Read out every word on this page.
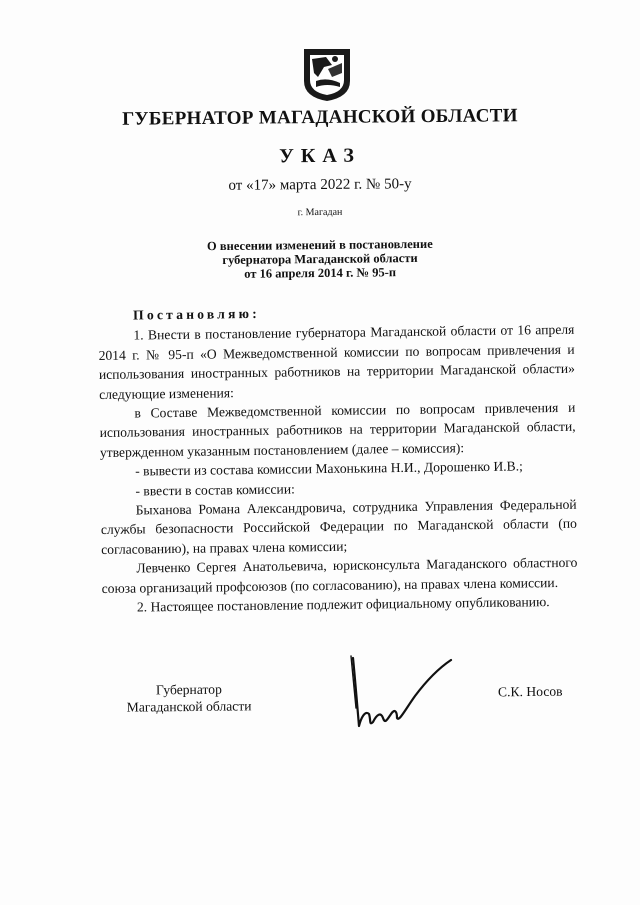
ГУБЕРНАТОР МАГАДАНСКОЙ ОБЛАСТИ
УКАЗ
от «17» марта 2022 г. № 50-у
г. Магадан
О внесении изменений в постановление
губернатора Магаданской области
от 16 апреля 2014 г. № 95-п

Постановляю:

1. Внести в постановление губернатора Магаданской области от 16 апреля 2014 г. № 95-п «О Межведомственной комиссии по вопросам привлечения и использования иностранных работников на территории Магаданской области» следующие изменения:

в Составе Межведомственной комиссии по вопросам привлечения и использования иностранных работников на территории Магаданской области, утвержденном указанным постановлением (далее – комиссия):

- вывести из состава комиссии Махонькина Н.И., Дорошенко И.В.;

- ввести в состав комиссии:

Быханова Романа Александровича, сотрудника Управления Федеральной службы безопасности Российской Федерации по Магаданской области (по согласованию), на правах члена комиссии;

Левченко Сергея Анатольевича, юрисконсульта Магаданского областного союза организаций профсоюзов (по согласованию), на правах члена комиссии.

2. Настоящее постановление подлежит официальному опубликованию.

Губернатор
Магаданской области
С.К. Носов
